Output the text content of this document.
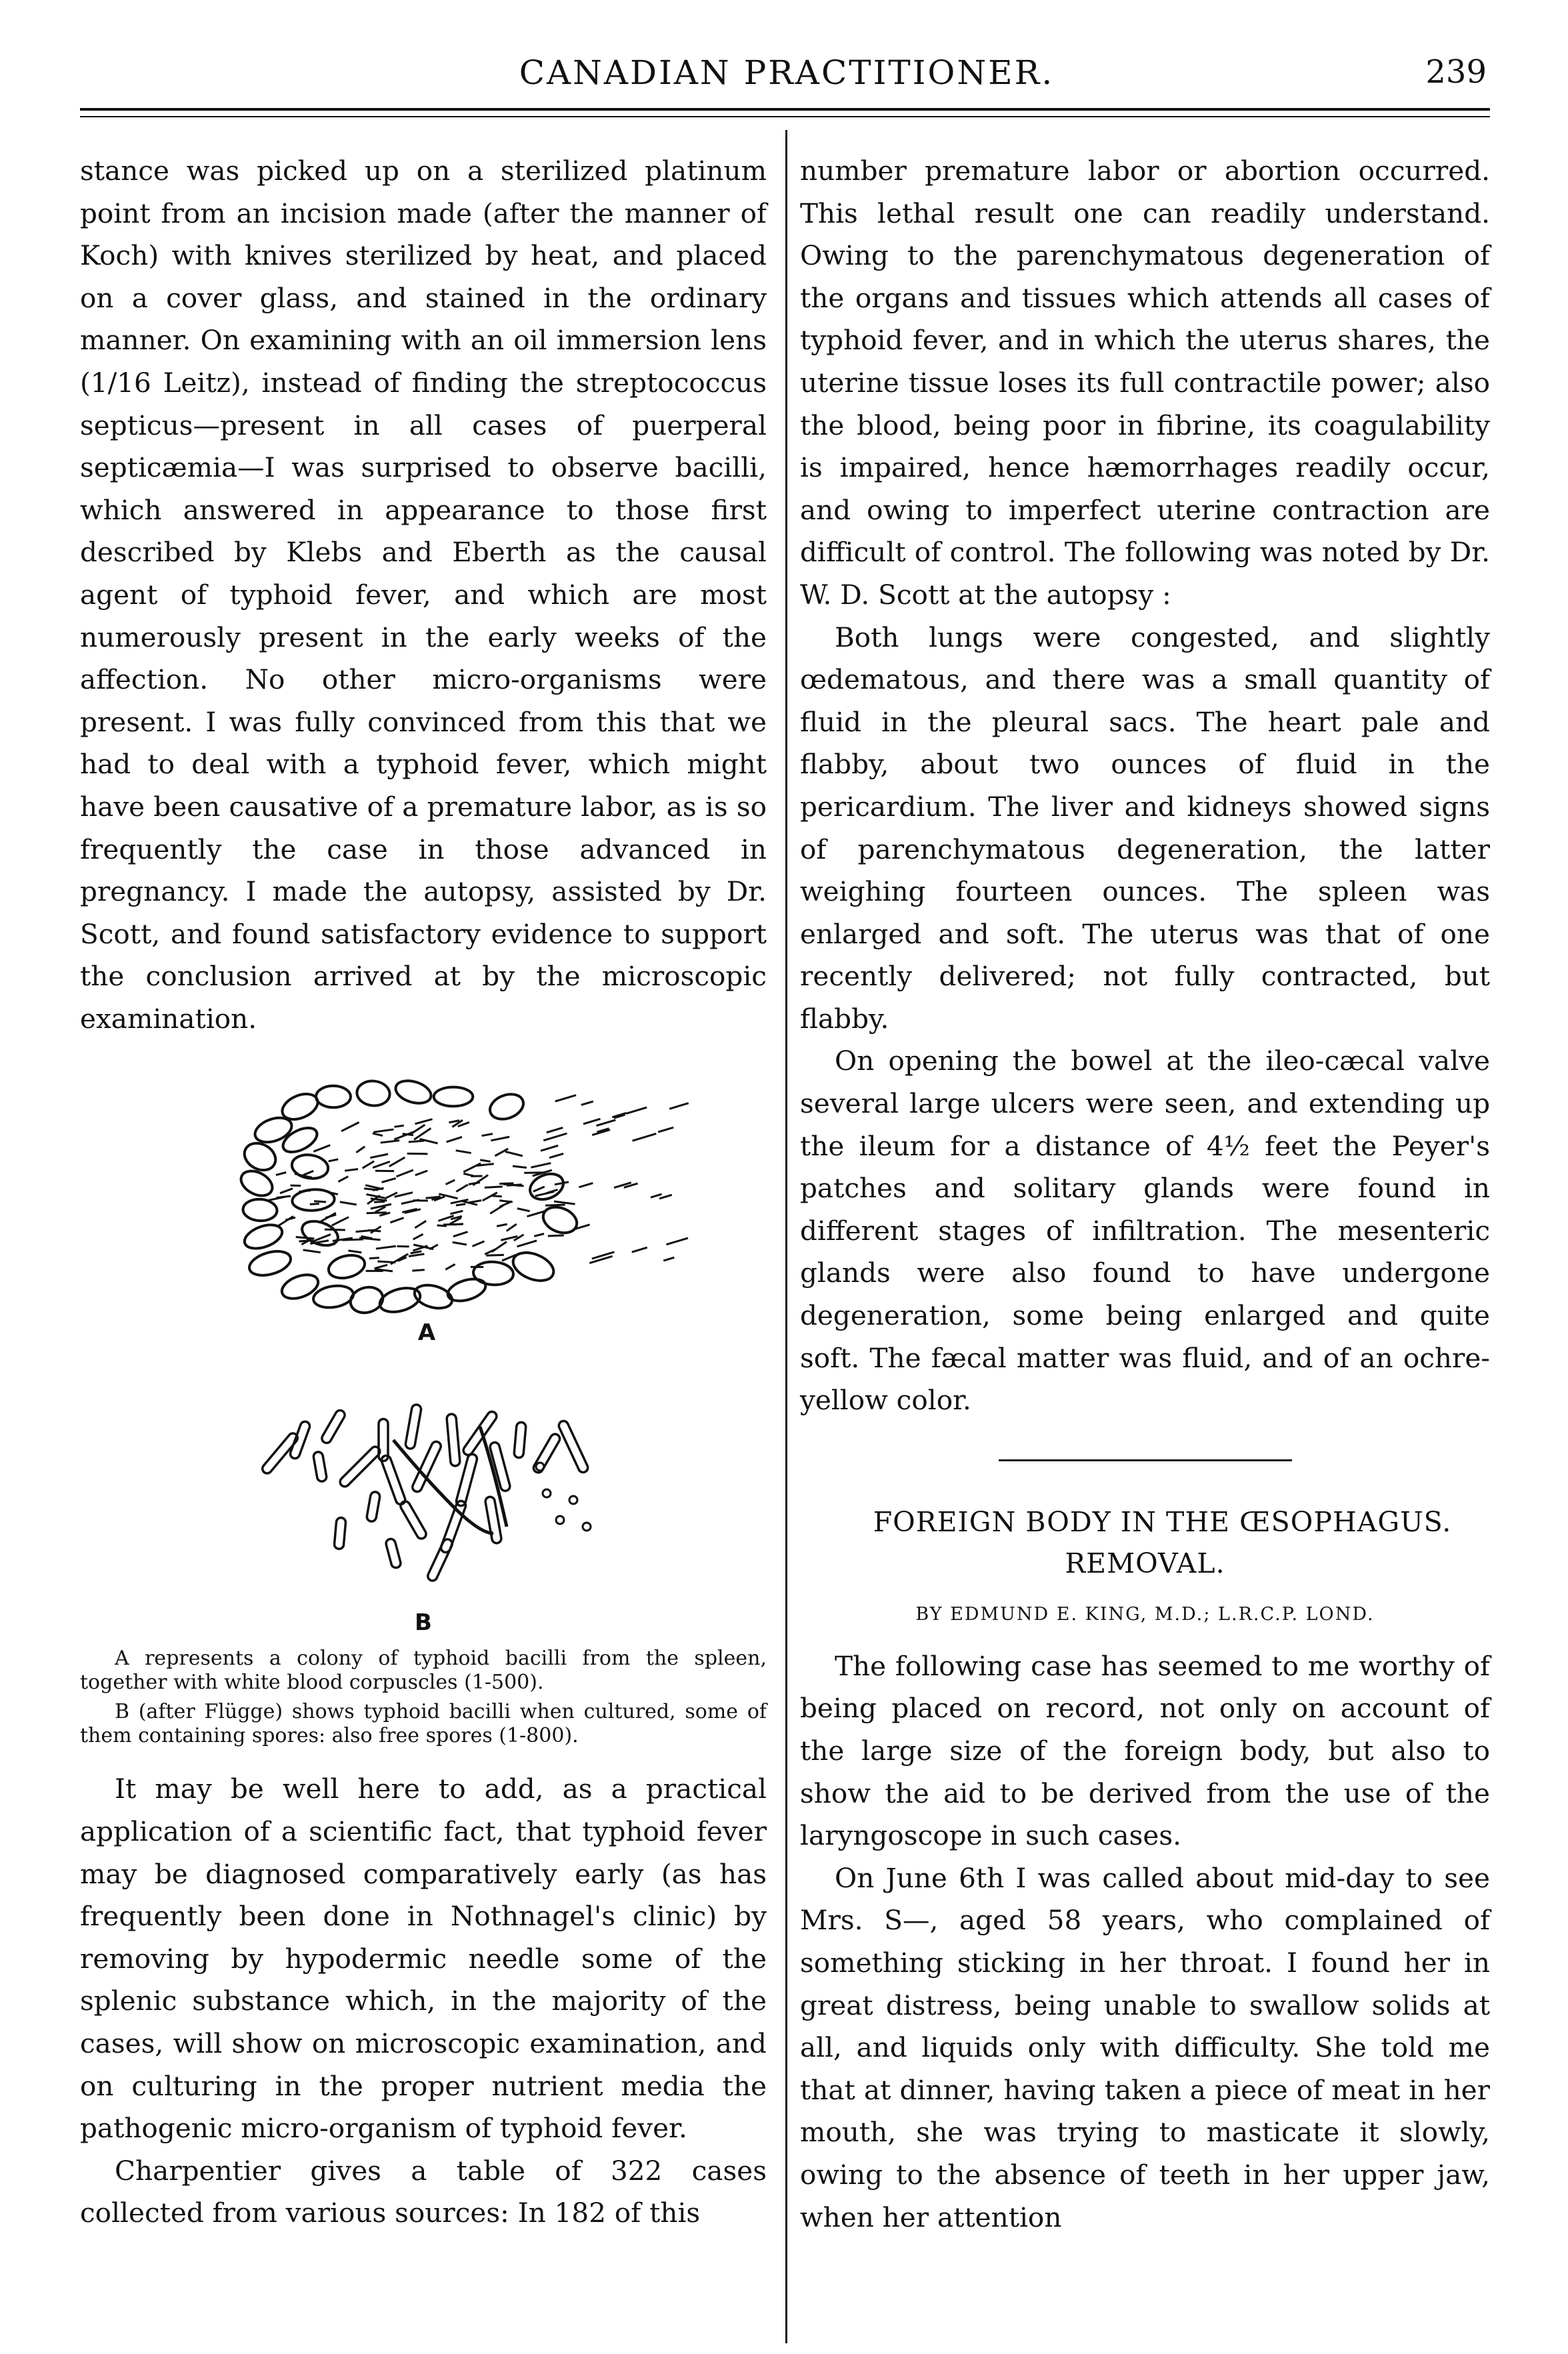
CANADIAN PRACTITIONER.	239

stance was picked up on a sterilized platinum point from an incision made (after the manner of Koch) with knives sterilized by heat, and placed on a cover glass, and stained in the ordinary manner. On examining with an oil immersion lens (1/16 Leitz), instead of finding the streptococcus septicus—present in all cases of puerperal septicæmia—I was surprised to observe bacilli, which answered in appearance to those first described by Klebs and Eberth as the causal agent of typhoid fever, and which are most numerously present in the early weeks of the affection. No other micro-organisms were present. I was fully convinced from this that we had to deal with a typhoid fever, which might have been causative of a premature labor, as is so frequently the case in those advanced in pregnancy. I made the autopsy, assisted by Dr. Scott, and found satisfactory evidence to support the conclusion arrived at by the microscopic examination.

A
B

A represents a colony of typhoid bacilli from the spleen, together with white blood corpuscles (1-500).

B (after Flügge) shows typhoid bacilli when cultured, some of them containing spores: also free spores (1-800).

It may be well here to add, as a practical application of a scientific fact, that typhoid fever may be diagnosed comparatively early (as has frequently been done in Nothnagel's clinic) by removing by hypodermic needle some of the splenic substance which, in the majority of the cases, will show on microscopic examination, and on culturing in the proper nutrient media the pathogenic micro-organism of typhoid fever.

Charpentier gives a table of 322 cases collected from various sources: In 182 of this

number premature labor or abortion occurred. This lethal result one can readily understand. Owing to the parenchymatous degeneration of the organs and tissues which attends all cases of typhoid fever, and in which the uterus shares, the uterine tissue loses its full contractile power; also the blood, being poor in fibrine, its coagulability is impaired, hence hæmorrhages readily occur, and owing to imperfect uterine contraction are difficult of control. The following was noted by Dr. W. D. Scott at the autopsy :

Both lungs were congested, and slightly œdematous, and there was a small quantity of fluid in the pleural sacs. The heart pale and flabby, about two ounces of fluid in the pericardium. The liver and kidneys showed signs of parenchymatous degeneration, the latter weighing fourteen ounces. The spleen was enlarged and soft. The uterus was that of one recently delivered; not fully contracted, but flabby.

On opening the bowel at the ileo-cæcal valve several large ulcers were seen, and extending up the ileum for a distance of 4½ feet the Peyer's patches and solitary glands were found in different stages of infiltration. The mesenteric glands were also found to have undergone degeneration, some being enlarged and quite soft. The fæcal matter was fluid, and of an ochre-yellow color.

FOREIGN BODY IN THE ŒSOPHAGUS.
REMOVAL.

BY EDMUND E. KING, M.D.; L.R.C.P. LOND.

The following case has seemed to me worthy of being placed on record, not only on account of the large size of the foreign body, but also to show the aid to be derived from the use of the laryngoscope in such cases.

On June 6th I was called about mid-day to see Mrs. S—, aged 58 years, who complained of something sticking in her throat. I found her in great distress, being unable to swallow solids at all, and liquids only with difficulty. She told me that at dinner, having taken a piece of meat in her mouth, she was trying to masticate it slowly, owing to the absence of teeth in her upper jaw, when her attention
